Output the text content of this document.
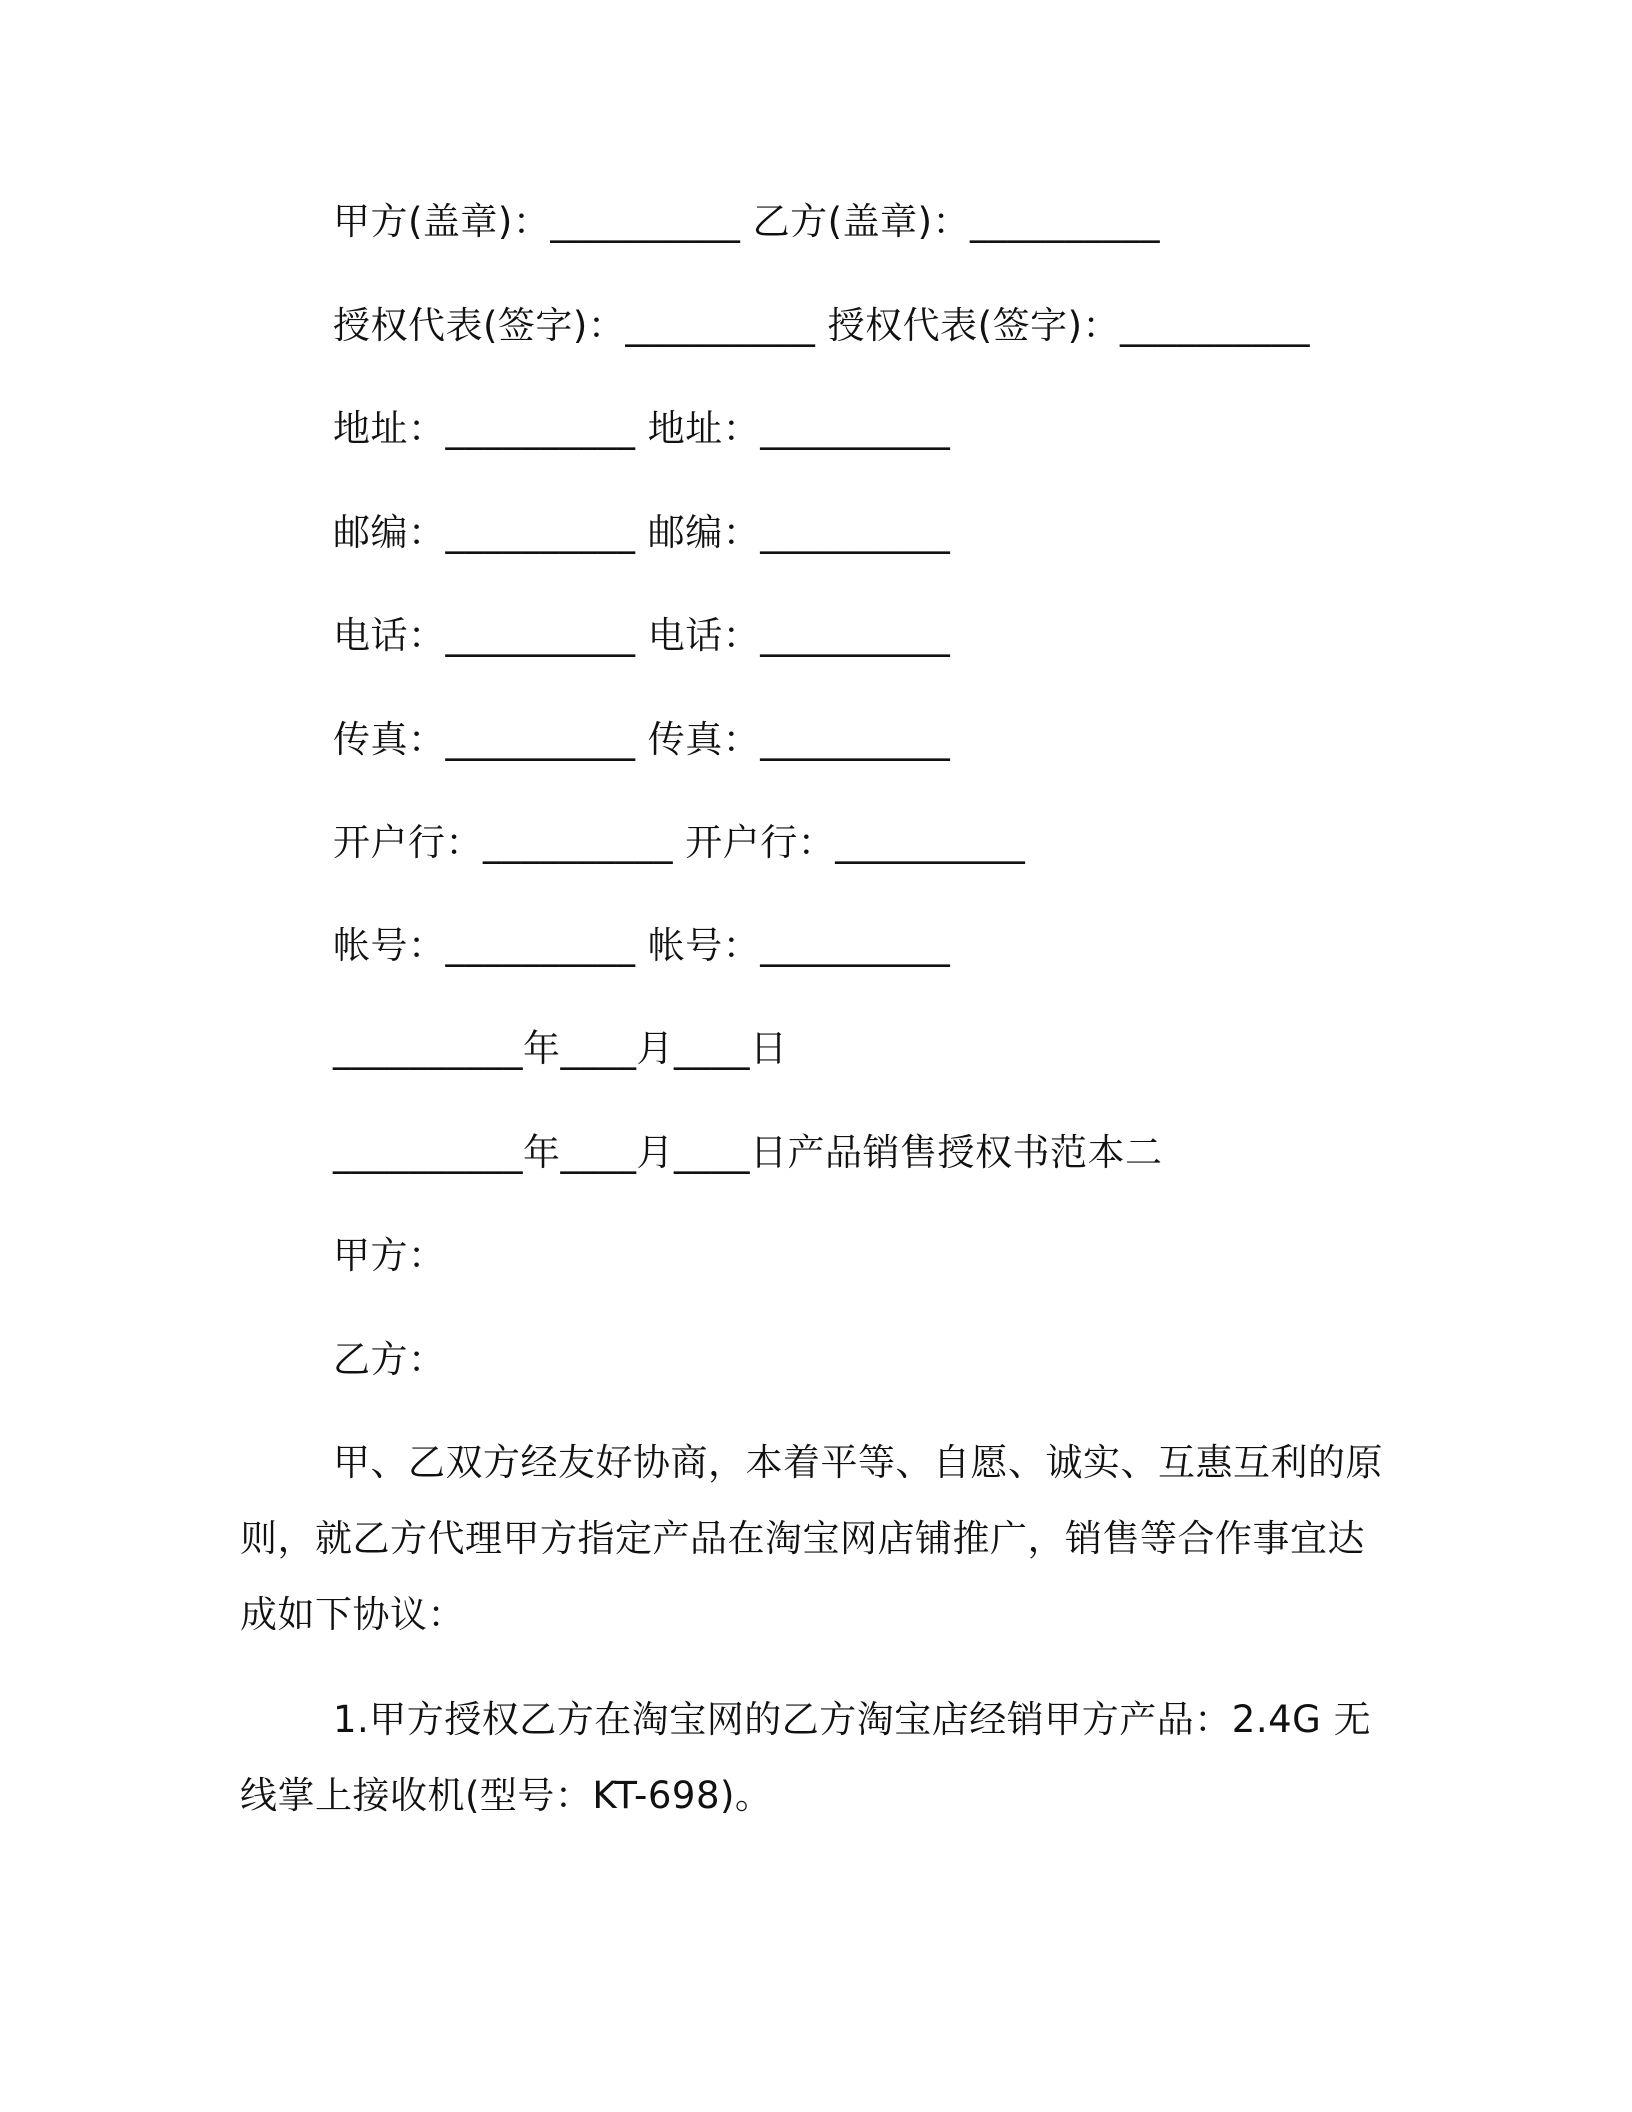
甲方(盖章)：__________ 乙方(盖章)：__________
授权代表(签字)：__________ 授权代表(签字)：__________
地址：__________ 地址：__________
邮编：__________ 邮编：__________
电话：__________ 电话：__________
传真：__________ 传真：__________
开户行：__________ 开户行：__________
帐号：__________ 帐号：__________
__________年____月____日
__________年____月____日产品销售授权书范本二
甲方：
乙方：
甲、乙双方经友好协商，本着平等、自愿、诚实、互惠互利的原则，就乙方代理甲方指定产品在淘宝网店铺推广，销售等合作事宜达成如下协议：
1.甲方授权乙方在淘宝网的乙方淘宝店经销甲方产品：2.4G 无线掌上接收机(型号：KT-698)。
